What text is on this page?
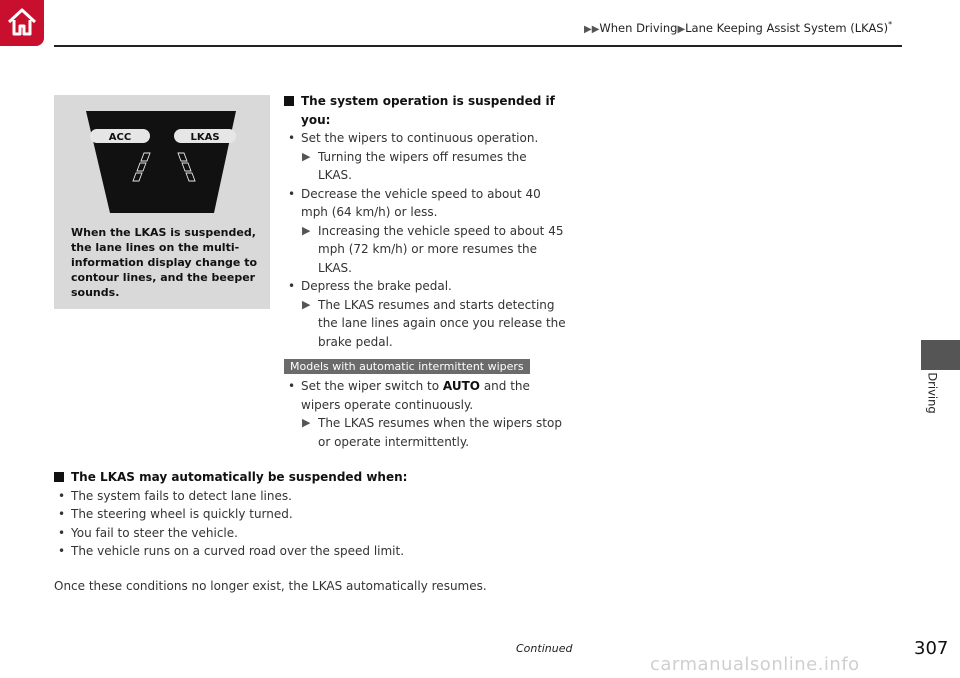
▶▶When Driving▶Lane Keeping Assist System (LKAS)*
Driving
ACC	LKAS
When the LKAS is suspended, the lane lines on the multi-information display change to contour lines, and the beeper sounds.
The system operation is suspended if
you:
• Set the wipers to continuous operation.
▶ Turning the wipers off resumes the
LKAS.
• Decrease the vehicle speed to about 40
mph (64 km/h) or less.
▶ Increasing the vehicle speed to about 45
mph (72 km/h) or more resumes the
LKAS.
• Depress the brake pedal.
▶ The LKAS resumes and starts detecting
the lane lines again once you release the
brake pedal.
Models with automatic intermittent wipers
• Set the wiper switch to AUTO and the
wipers operate continuously.
▶ The LKAS resumes when the wipers stop
or operate intermittently.
The LKAS may automatically be suspended when:
• The system fails to detect lane lines.
• The steering wheel is quickly turned.
• You fail to steer the vehicle.
• The vehicle runs on a curved road over the speed limit.
Once these conditions no longer exist, the LKAS automatically resumes.
Continued	307
carmanualsonline.info
